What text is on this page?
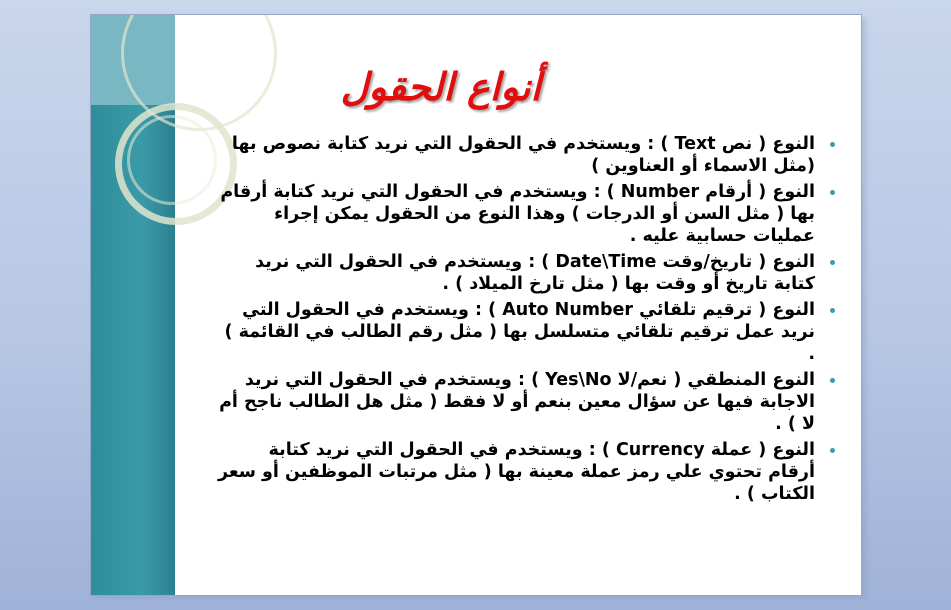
أنواع الحقول
النوع ( نص Text ) : ويستخدم في الحقول التي نريد كتابة نصوص بها (مثل الاسماء أو العناوين )
النوع ( أرقام Number ) : ويستخدم في الحقول التي نريد كتابة أرقام بها ( مثل السن أو الدرجات ) وهذا النوع من الحقول يمكن إجراء عمليات حسابية عليه .
النوع ( تاريخ/وقت Date\Time ) : ويستخدم في الحقول التي نريد كتابة تاريخ أو وقت بها ( مثل تارخ الميلاد ) .
النوع ( ترقيم تلقائي Auto Number ) : ويستخدم في الحقول التي نريد عمل ترقيم تلقائي متسلسل بها ( مثل رقم الطالب في القائمة ) .
النوع المنطقي ( نعم/لا Yes\No ) : ويستخدم في الحقول التي نريد الاجابة فيها عن سؤال معين بنعم أو لا فقط ( مثل هل الطالب ناجح أم لا ) .
النوع ( عملة Currency ) : ويستخدم في الحقول التي نريد كتابة أرقام تحتوي علي رمز عملة معينة بها ( مثل مرتبات الموظفين أو سعر الكتاب ) .
